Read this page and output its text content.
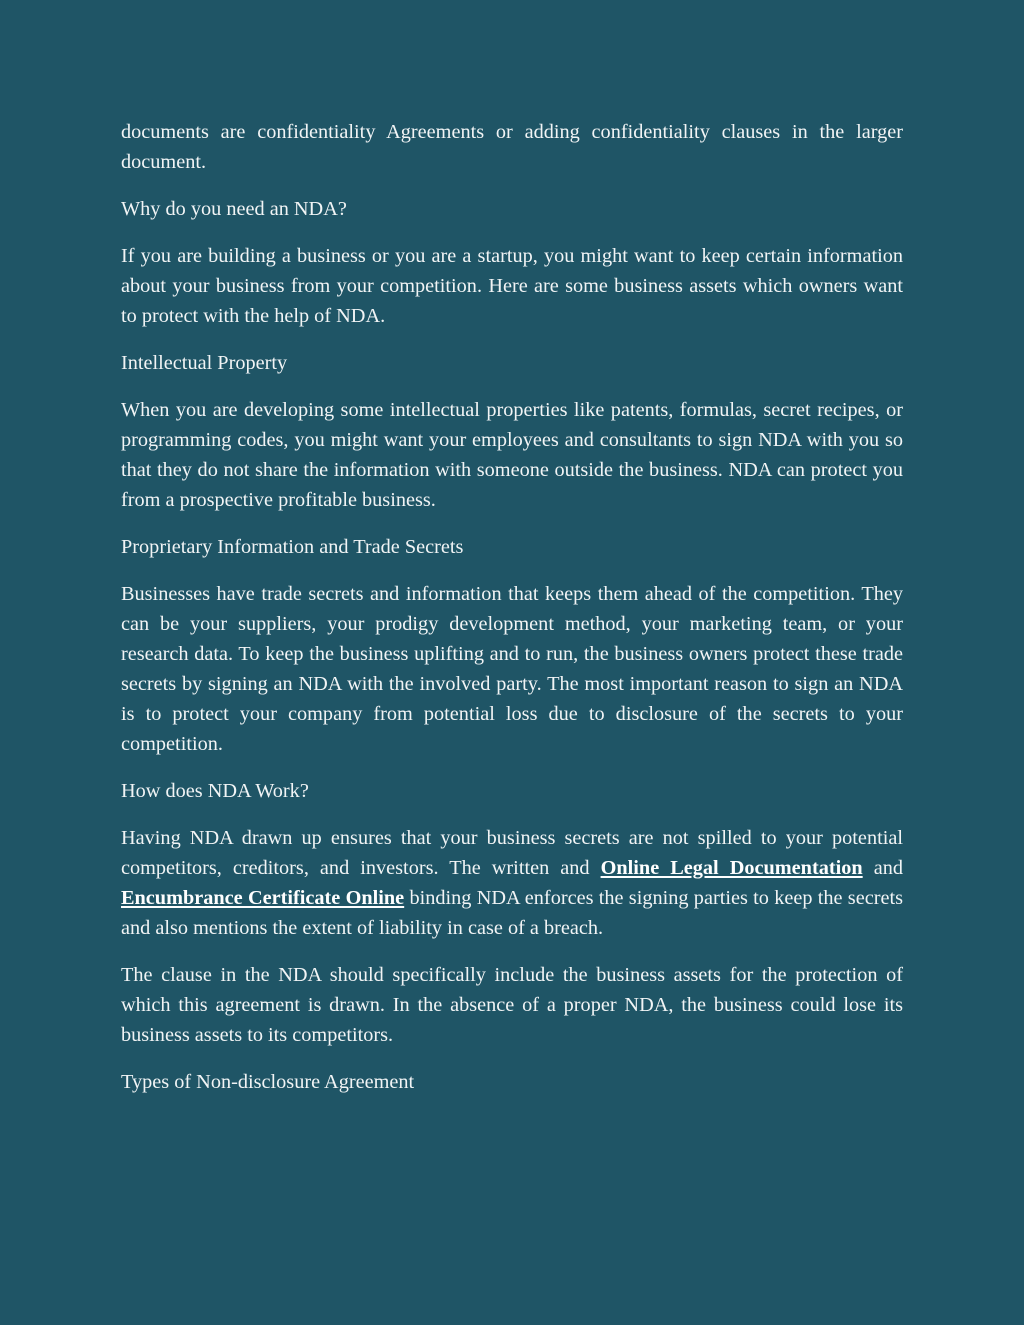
documents are confidentiality Agreements or adding confidentiality clauses in the larger document.

Why do you need an NDA?

If you are building a business or you are a startup, you might want to keep certain information about your business from your competition. Here are some business assets which owners want to protect with the help of NDA.

Intellectual Property

When you are developing some intellectual properties like patents, formulas, secret recipes, or programming codes, you might want your employees and consultants to sign NDA with you so that they do not share the information with someone outside the business. NDA can protect you from a prospective profitable business.

Proprietary Information and Trade Secrets

Businesses have trade secrets and information that keeps them ahead of the competition. They can be your suppliers, your prodigy development method, your marketing team, or your research data. To keep the business uplifting and to run, the business owners protect these trade secrets by signing an NDA with the involved party. The most important reason to sign an NDA is to protect your company from potential loss due to disclosure of the secrets to your competition.

How does NDA Work?

Having NDA drawn up ensures that your business secrets are not spilled to your potential competitors, creditors, and investors. The written and Online Legal Documentation and Encumbrance Certificate Online binding NDA enforces the signing parties to keep the secrets and also mentions the extent of liability in case of a breach.

The clause in the NDA should specifically include the business assets for the protection of which this agreement is drawn. In the absence of a proper NDA, the business could lose its business assets to its competitors.

Types of Non-disclosure Agreement
